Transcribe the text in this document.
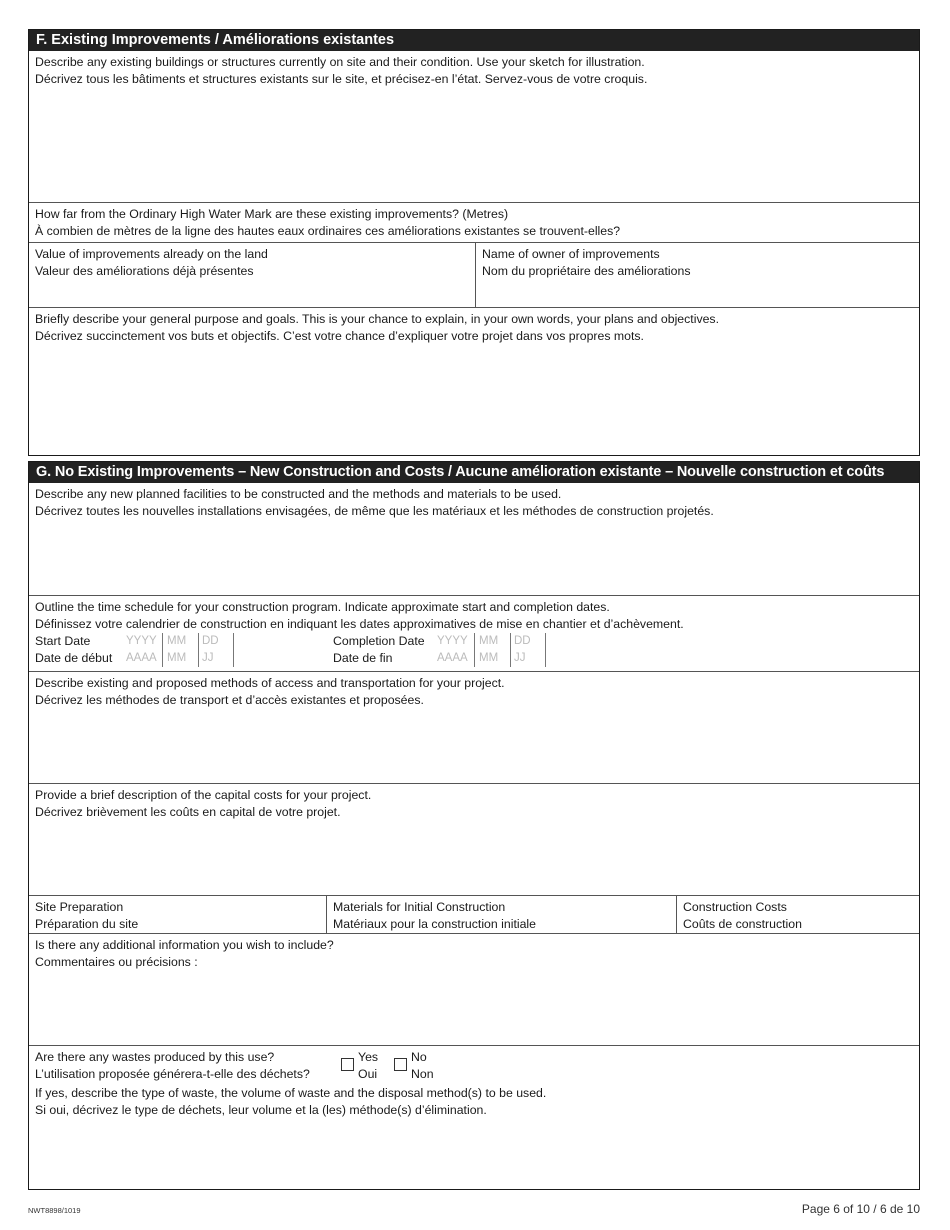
F. Existing Improvements / Améliorations existantes
Describe any existing buildings or structures currently on site and their condition. Use your sketch for illustration.
Décrivez tous les bâtiments et structures existants sur le site, et précisez-en l’état. Servez-vous de votre croquis.
How far from the Ordinary High Water Mark are these existing improvements? (Metres)
À combien de mètres de la ligne des hautes eaux ordinaires ces améliorations existantes se trouvent-elles?
Value of improvements already on the land
Valeur des améliorations déjà présentes
Name of owner of improvements
Nom du propriétaire des améliorations
Briefly describe your general purpose and goals. This is your chance to explain, in your own words, your plans and objectives.
Décrivez succinctement vos buts et objectifs. C’est votre chance d’expliquer votre projet dans vos propres mots.
G. No Existing Improvements – New Construction and Costs / Aucune amélioration existante – Nouvelle construction et coûts
Describe any new planned facilities to be constructed and the methods and materials to be used.
Décrivez toutes les nouvelles installations envisagées, de même que les matériaux et les méthodes de construction projetés.
Outline the time schedule for your construction program. Indicate approximate start and completion dates.
Définissez votre calendrier de construction en indiquant les dates approximatives de mise en chantier et d’achèvement.
Start Date
Date de début
YYYY
AAAA
MM
MM
DD
JJ
Completion Date
Date de fin
YYYY
AAAA
MM
MM
DD
JJ
Describe existing and proposed methods of access and transportation for your project.
Décrivez les méthodes de transport et d’accès existantes et proposées.
Provide a brief description of the capital costs for your project.
Décrivez brièvement les coûts en capital de votre projet.
Site Preparation
Préparation du site
Materials for Initial Construction
Matériaux pour la construction initiale
Construction Costs
Coûts de construction
Is there any additional information you wish to include?
Commentaires ou précisions :
Are there any wastes produced by this use?
L’utilisation proposée générera-t-elle des déchets?
Yes
Oui
No
Non
If yes, describe the type of waste, the volume of waste and the disposal method(s) to be used.
Si oui, décrivez le type de déchets, leur volume et la (les) méthode(s) d’élimination.
NWT8898/1019	Page 6 of 10 / 6 de 10
